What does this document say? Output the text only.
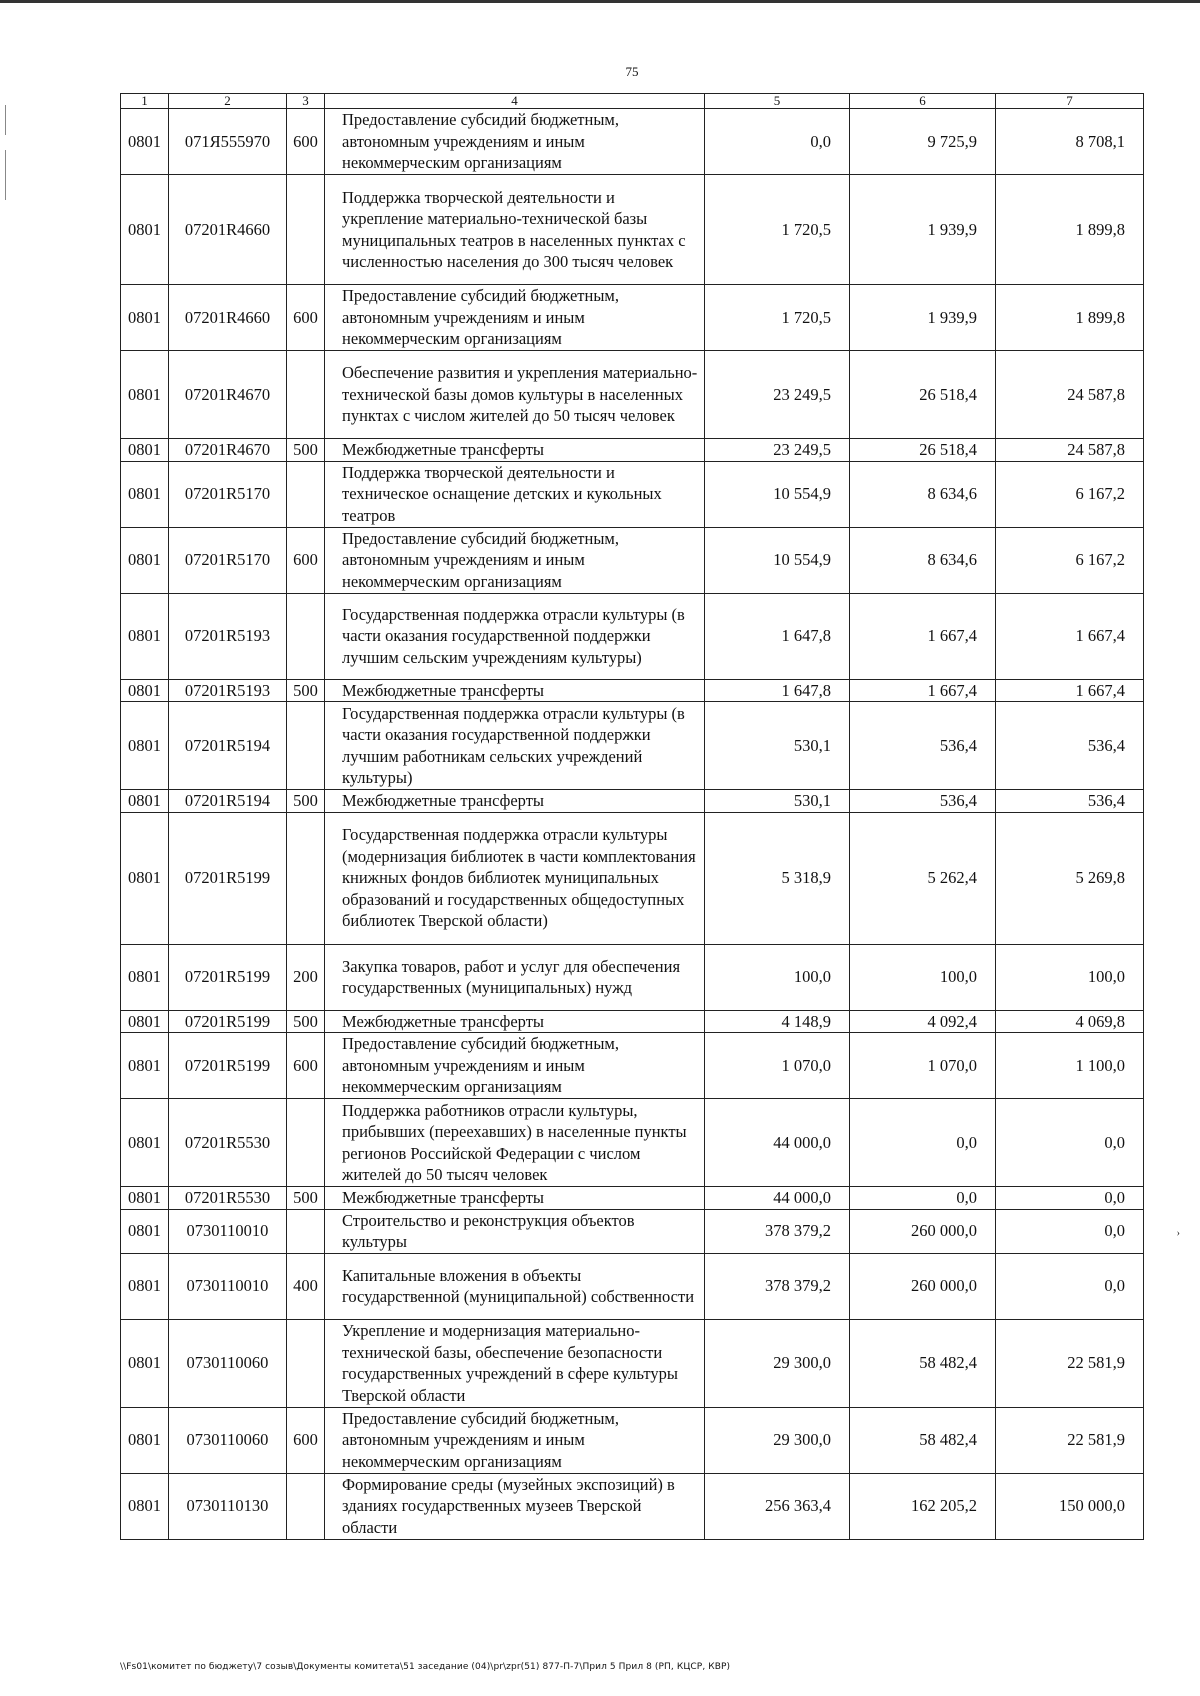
75
1	2	3	4	5	6	7
0801	071Я555970	600	Предоставление субсидий бюджетным, автономным учреждениям и иным некоммерческим организациям	0,0	9 725,9	8 708,1
0801	07201R4660		Поддержка творческой деятельности и укрепление материально-технической базы муниципальных театров в населенных пунктах с численностью населения до 300 тысяч человек	1 720,5	1 939,9	1 899,8
0801	07201R4660	600	Предоставление субсидий бюджетным, автономным учреждениям и иным некоммерческим организациям	1 720,5	1 939,9	1 899,8
0801	07201R4670		Обеспечение развития и укрепления материально-технической базы домов культуры в населенных пунктах с числом жителей до 50 тысяч человек	23 249,5	26 518,4	24 587,8
0801	07201R4670	500	Межбюджетные трансферты	23 249,5	26 518,4	24 587,8
0801	07201R5170		Поддержка творческой деятельности и техническое оснащение детских и кукольных театров	10 554,9	8 634,6	6 167,2
0801	07201R5170	600	Предоставление субсидий бюджетным, автономным учреждениям и иным некоммерческим организациям	10 554,9	8 634,6	6 167,2
0801	07201R5193		Государственная поддержка отрасли культуры (в части оказания государственной поддержки лучшим сельским учреждениям культуры)	1 647,8	1 667,4	1 667,4
0801	07201R5193	500	Межбюджетные трансферты	1 647,8	1 667,4	1 667,4
0801	07201R5194		Государственная поддержка отрасли культуры (в части оказания государственной поддержки лучшим работникам сельских учреждений культуры)	530,1	536,4	536,4
0801	07201R5194	500	Межбюджетные трансферты	530,1	536,4	536,4
0801	07201R5199		Государственная поддержка отрасли культуры (модернизация библиотек в части комплектования книжных фондов библиотек муниципальных образований и государственных общедоступных библиотек Тверской области)	5 318,9	5 262,4	5 269,8
0801	07201R5199	200	Закупка товаров, работ и услуг для обеспечения государственных (муниципальных) нужд	100,0	100,0	100,0
0801	07201R5199	500	Межбюджетные трансферты	4 148,9	4 092,4	4 069,8
0801	07201R5199	600	Предоставление субсидий бюджетным, автономным учреждениям и иным некоммерческим организациям	1 070,0	1 070,0	1 100,0
0801	07201R5530		Поддержка работников отрасли культуры, прибывших (переехавших) в населенные пункты регионов Российской Федерации с числом жителей до 50 тысяч человек	44 000,0	0,0	0,0
0801	07201R5530	500	Межбюджетные трансферты	44 000,0	0,0	0,0
0801	0730110010		Строительство и реконструкция объектов культуры	378 379,2	260 000,0	0,0
0801	0730110010	400	Капитальные вложения в объекты государственной (муниципальной) собственности	378 379,2	260 000,0	0,0
0801	0730110060		Укрепление и модернизация материально-технической базы, обеспечение безопасности государственных учреждений в сфере культуры Тверской области	29 300,0	58 482,4	22 581,9
0801	0730110060	600	Предоставление субсидий бюджетным, автономным учреждениям и иным некоммерческим организациям	29 300,0	58 482,4	22 581,9
0801	0730110130		Формирование среды (музейных экспозиций) в зданиях государственных музеев Тверской области	256 363,4	162 205,2	150 000,0
›
\\Fs01\комитет по бюджету\7 созыв\Документы комитета\51 заседание (04)\pr\zpr(51) 877-П-7\Прил 5 Прил 8 (РП, КЦСР, КВР)
